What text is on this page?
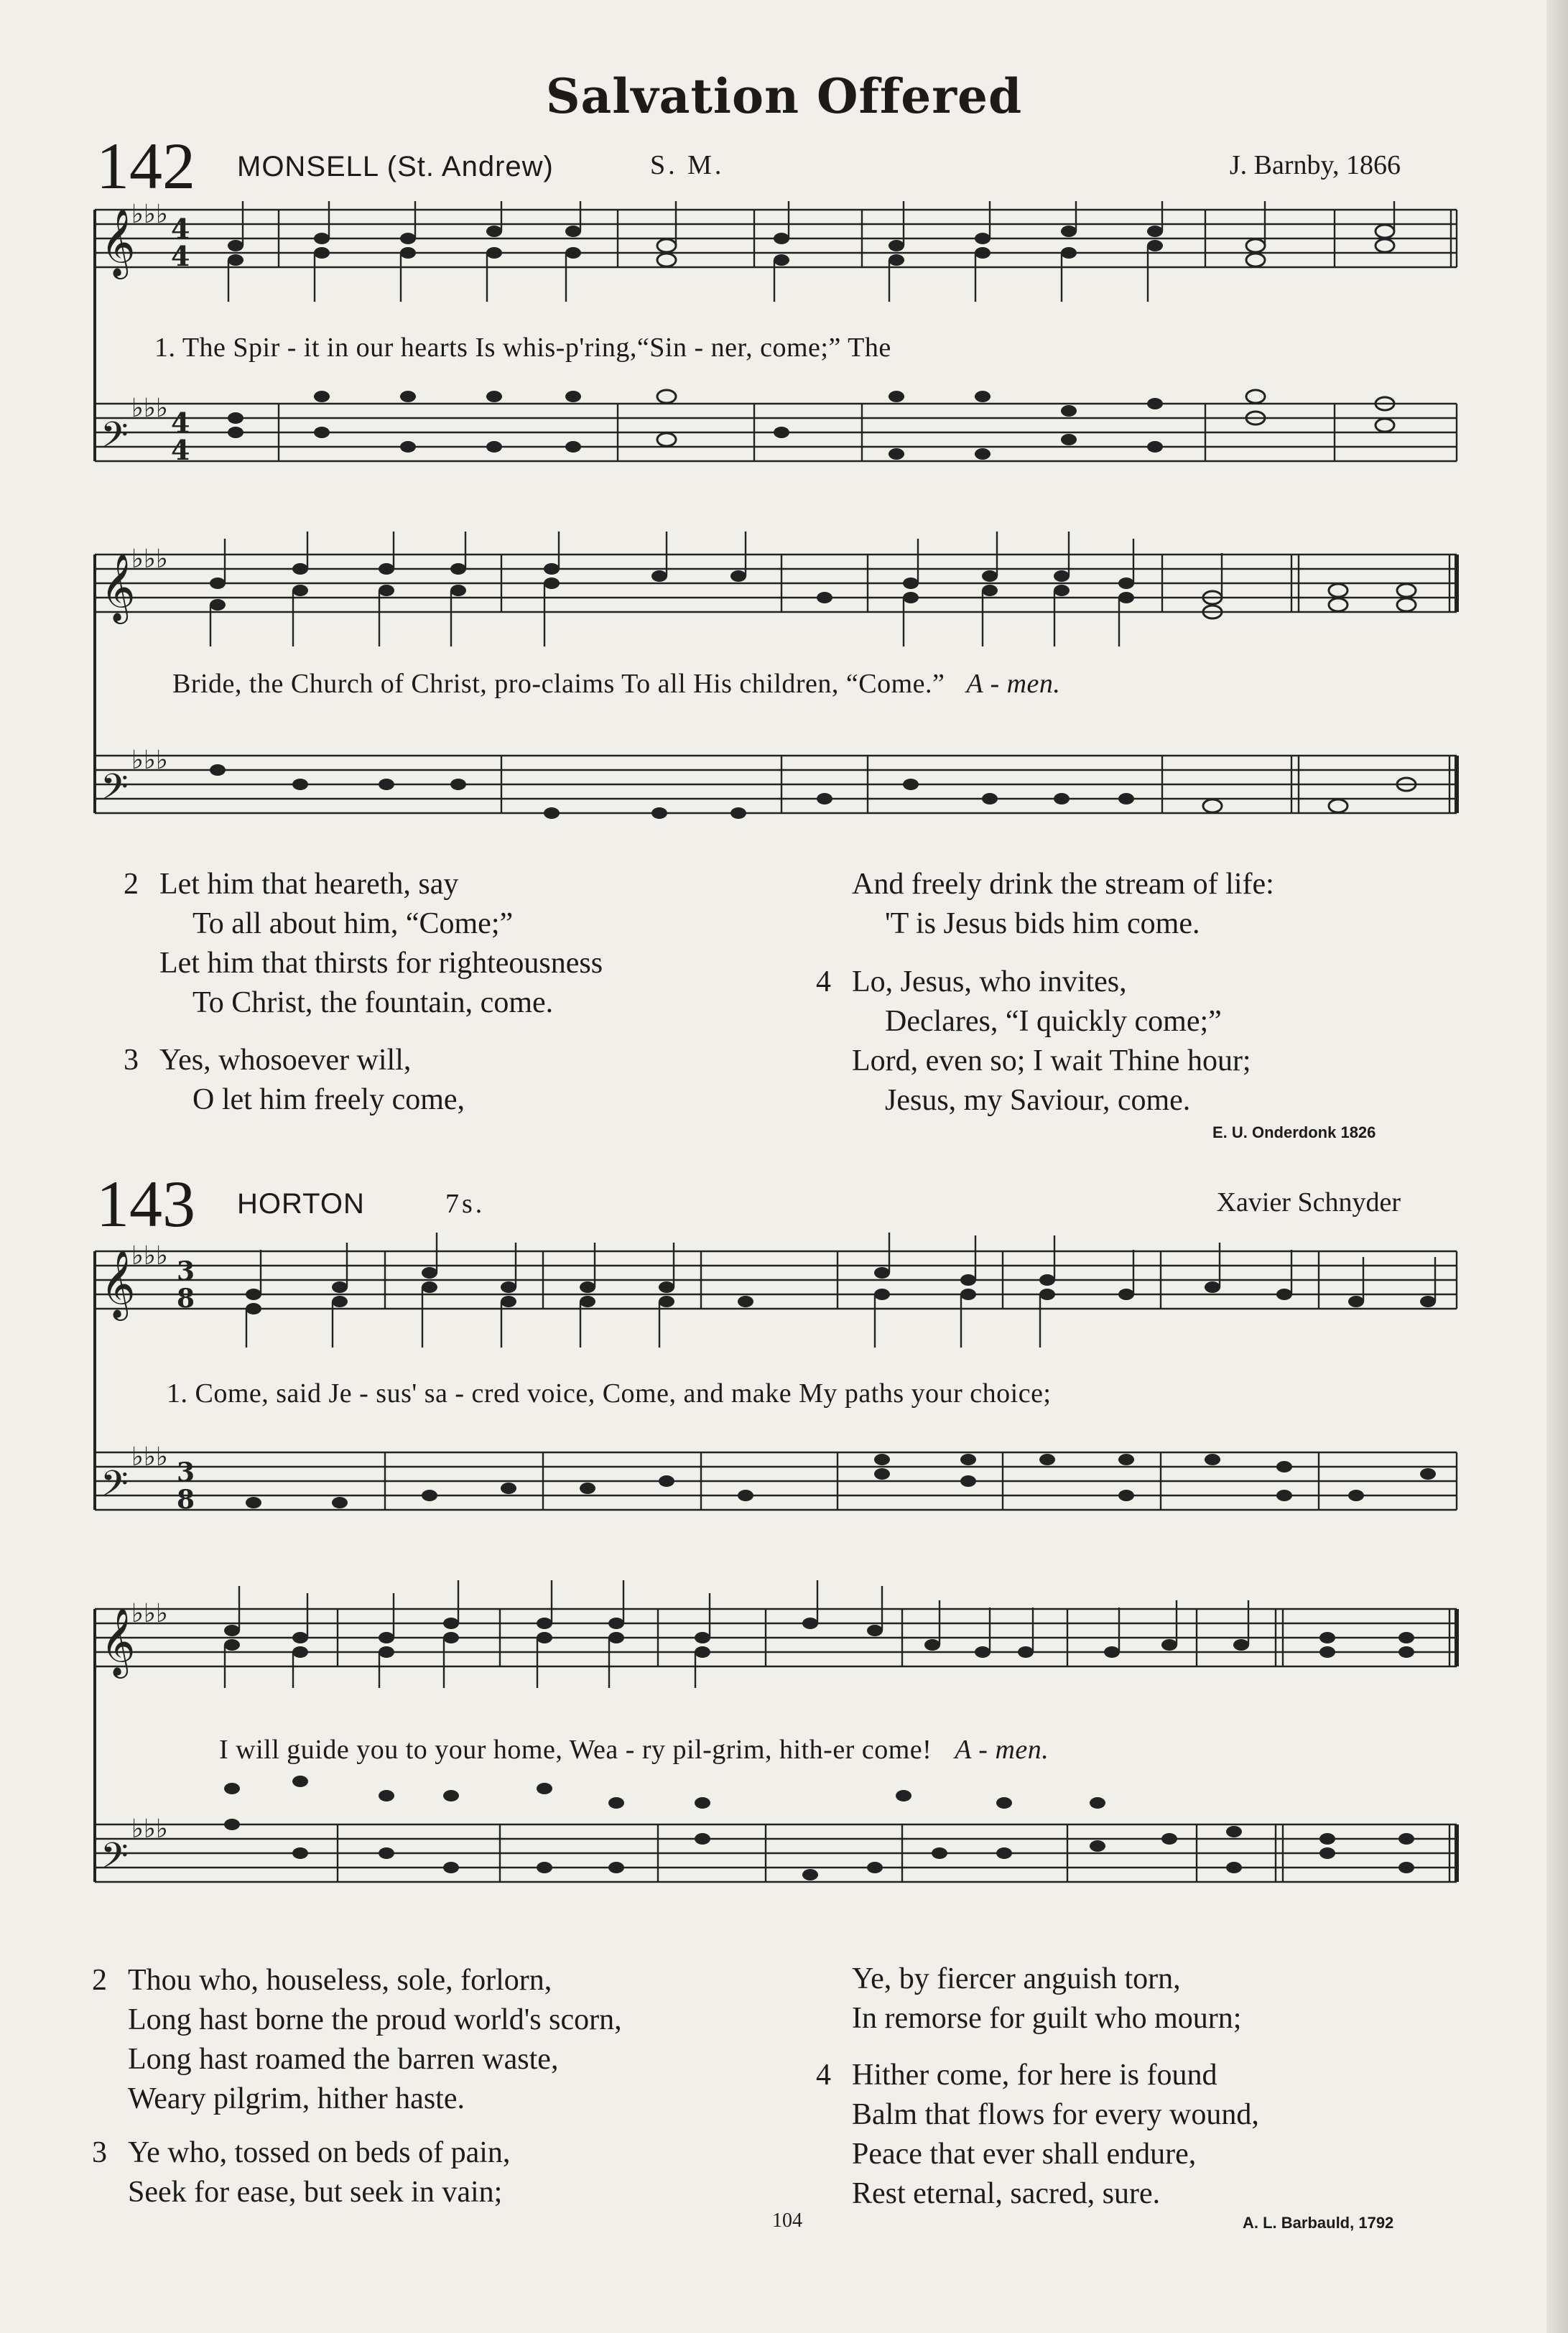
Salvation Offered
142 MONSELL (St. Andrew)	S. M.	J. Barnby, 1866
𝄞
𝄢
♭♭♭
♭♭♭
4
4
4
4
1. The Spir - it in our hearts Is whis-p'ring,“Sin - ner, come;” The
𝄞
𝄢
♭♭♭
♭♭♭
Bride, the Church of Christ, pro-claims To all His children, “Come.” A - men.
2 Let him that heareth, say
To all about him, “Come;”
Let him that thirsts for righteousness
To Christ, the fountain, come.
3 Yes, whosoever will,
O let him freely come,
And freely drink the stream of life:
'T is Jesus bids him come.
4 Lo, Jesus, who invites,
Declares, “I quickly come;”
Lord, even so; I wait Thine hour;
Jesus, my Saviour, come.
E. U. Onderdonk 1826
143 HORTON	7s.	Xavier Schnyder
𝄞
𝄢
♭♭♭
♭♭♭
3
8
3
8
1. Come, said Je - sus' sa - cred voice, Come, and make My paths your choice;
𝄞
𝄢
♭♭♭
♭♭♭
I will guide you to your home, Wea - ry pil-grim, hith-er come! A - men.
2 Thou who, houseless, sole, forlorn,
Long hast borne the proud world's scorn,
Long hast roamed the barren waste,
Weary pilgrim, hither haste.
3 Ye who, tossed on beds of pain,
Seek for ease, but seek in vain;
Ye, by fiercer anguish torn,
In remorse for guilt who mourn;
4 Hither come, for here is found
Balm that flows for every wound,
Peace that ever shall endure,
Rest eternal, sacred, sure.
A. L. Barbauld, 1792
104
